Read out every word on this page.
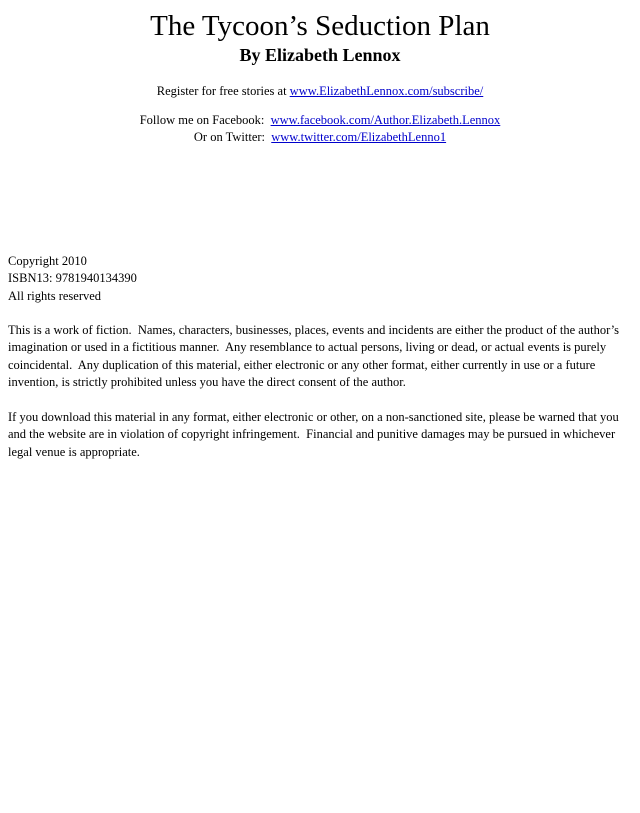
The Tycoon’s Seduction Plan
By Elizabeth Lennox
Register for free stories at www.ElizabethLennox.com/subscribe/
Follow me on Facebook:  www.facebook.com/Author.Elizabeth.Lennox
Or on Twitter:  www.twitter.com/ElizabethLenno1

Copyright 2010

ISBN13: 9781940134390

All rights reserved

This is a work of fiction.  Names, characters, businesses, places, events and incidents are either the product of the author’s imagination or used in a fictitious manner.  Any resemblance to actual persons, living or dead, or actual events is purely coincidental.  Any duplication of this material, either electronic or any other format, either currently in use or a future invention, is strictly prohibited unless you have the direct consent of the author.

If you download this material in any format, either electronic or other, on a non-sanctioned site, please be warned that you and the website are in violation of copyright infringement.  Financial and punitive damages may be pursued in whichever legal venue is appropriate.
